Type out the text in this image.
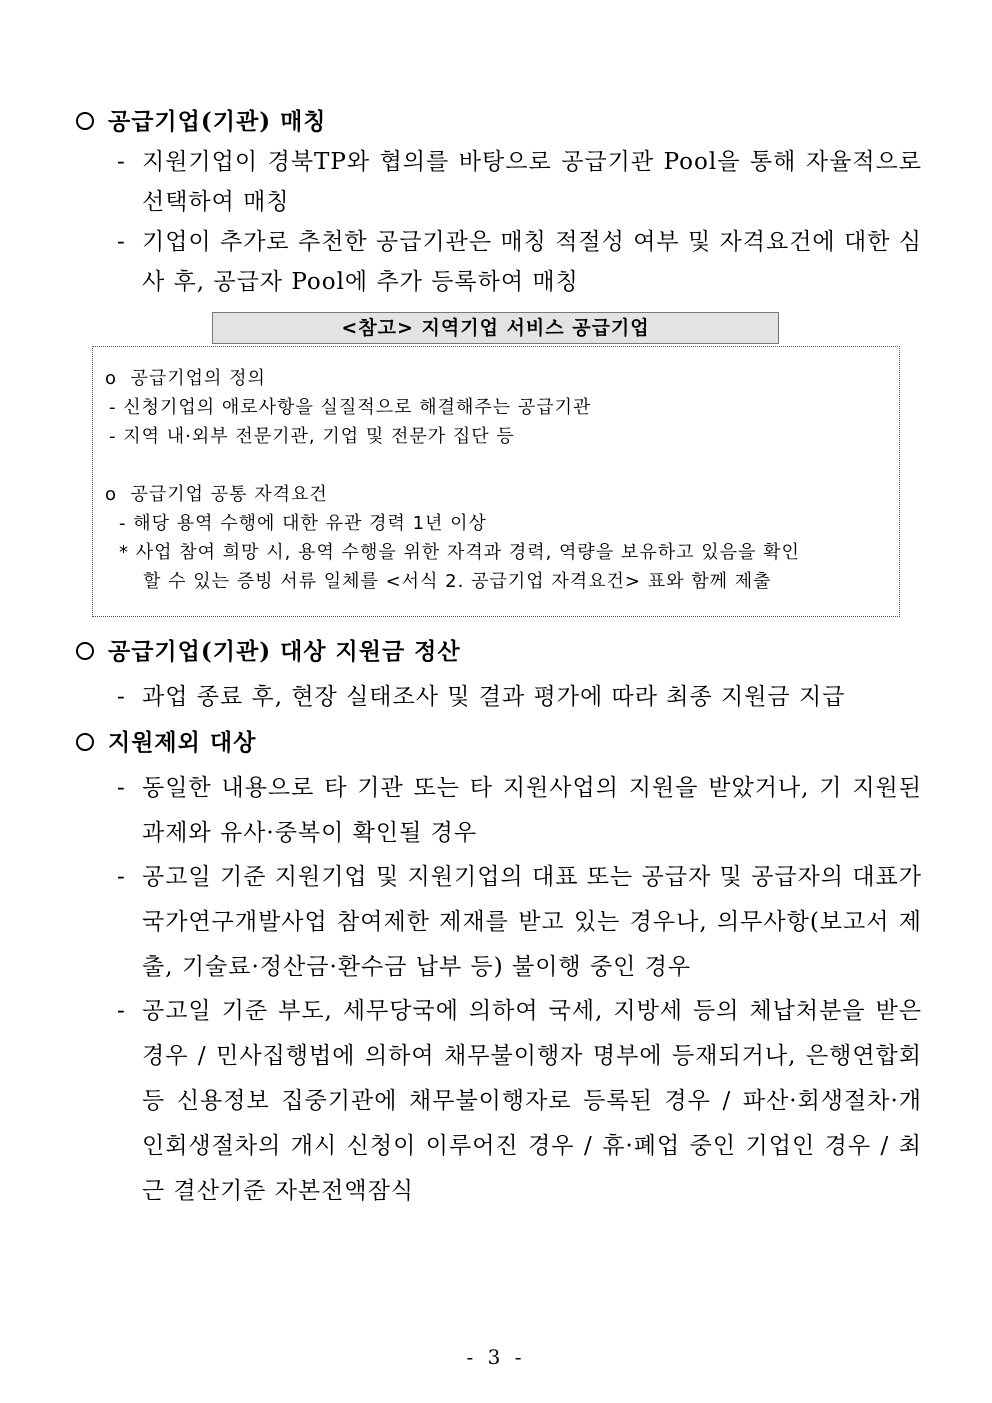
공급기업(기관) 매칭
- 지원기업이 경북TP와 협의를 바탕으로 공급기관 Pool을 통해 자율적으로 선택하여 매칭
- 기업이 추가로 추천한 공급기관은 매칭 적절성 여부 및 자격요건에 대한 심사 후, 공급자 Pool에 추가 등록하여 매칭
<참고> 지역기업 서비스 공급기업
o 공급기업의 정의
- 신청기업의 애로사항을 실질적으로 해결해주는 공급기관
- 지역 내·외부 전문기관, 기업 및 전문가 집단 등
o 공급기업 공통 자격요건
- 해당 용역 수행에 대한 유관 경력 1년 이상
* 사업 참여 희망 시, 용역 수행을 위한 자격과 경력, 역량을 보유하고 있음을 확인
할 수 있는 증빙 서류 일체를 <서식 2. 공급기업 자격요건> 표와 함께 제출
공급기업(기관) 대상 지원금 정산
- 과업 종료 후, 현장 실태조사 및 결과 평가에 따라 최종 지원금 지급
지원제외 대상
- 동일한 내용으로 타 기관 또는 타 지원사업의 지원을 받았거나, 기 지원된 과제와 유사·중복이 확인될 경우
- 공고일 기준 지원기업 및 지원기업의 대표 또는 공급자 및 공급자의 대표가 국가연구개발사업 참여제한 제재를 받고 있는 경우나, 의무사항(보고서 제출, 기술료·정산금·환수금 납부 등) 불이행 중인 경우
- 공고일 기준 부도, 세무당국에 의하여 국세, 지방세 등의 체납처분을 받은 경우 / 민사집행법에 의하여 채무불이행자 명부에 등재되거나, 은행연합회 등 신용정보 집중기관에 채무불이행자로 등록된 경우 / 파산·회생절차·개인회생절차의 개시 신청이 이루어진 경우 / 휴·폐업 중인 기업인 경우 / 최근 결산기준 자본전액잠식
- 3 -
